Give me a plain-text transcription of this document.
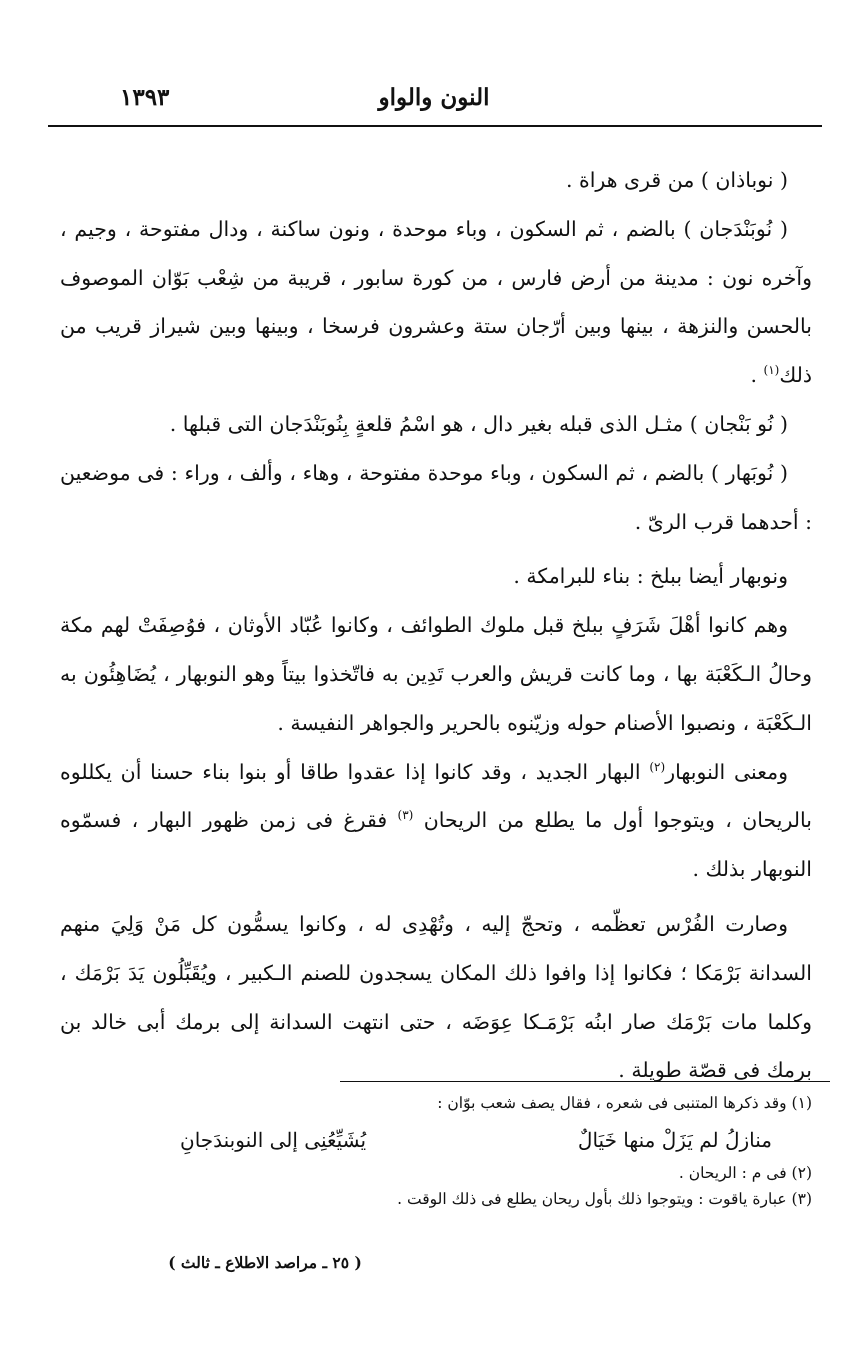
النون والواو
١٣٩٣

( نوباذان ) من قرى هراة .

( نُوبَنْدَجان ) بالضم ، ثم السكون ، وباء موحدة ، ونون ساكنة ، ودال مفتوحة ، وجيم ، وآخره نون : مدينة من أرض فارس ، من كورة سابور ، قريبة من شِعْب بَوّان الموصوف بالحسن والنزهة ، بينها وبين أرّجان ستة وعشرون فرسخا ، وبينها وبين شيراز قريب من ذلك$^{(١)}$ .

( نُو بَنْجان ) مثـل الذى قبله بغير دال ، هو اسْمُ قلعةٍ بِنُوبَنْدَجان التى قبلها .

( نُوبَهار ) بالضم ، ثم السكون ، وباء موحدة مفتوحة ، وهاء ، وألف ، وراء : فى موضعين : أحدهما قرب الرىّ .

ونوبهار أيضا ببلخ : بناء للبرامكة .

وهم كانوا أهْلَ شَرَفٍ ببلخ قبل ملوك الطوائف ، وكانوا عُبّاد الأوثان ، فوُصِفَتْ لهم مكة وحالُ الـكَعْبَة بها ، وما كانت قريش والعرب تَدِين به فاتّخذوا بيتاً وهو النوبهار ، يُضَاهِئُون به الـكَعْبَة ، ونصبوا الأصنام حوله وزيّنوه بالحرير والجواهر النفيسة .

ومعنى النوبهار$^{(٢)}$ البهار الجديد ، وقد كانوا إذا عقدوا طاقا أو بنوا بناء حسنا أن يكللوه بالريحان ، ويتوجوا أول ما يطلع من الريحان $^{(٣)}$ فقرغ فى زمن ظهور البهار ، فسمّوه النوبهار بذلك .

وصارت الفُرْس تعظّمه ، وتحجّ إليه ، وتُهْدِى له ، وكانوا يسمُّون كل مَنْ وَلِيَ منهم السدانة بَرْمَكا ؛ فكانوا إذا وافوا ذلك المكان يسجدون للصنم الـكبير ، ويُقَبِّلُون يَدَ بَرْمَك ، وكلما مات بَرْمَك صار ابنُه بَرْمَـكا عِوَضَه ، حتى انتهت السدانة إلى برمك أبى خالد بن برمك فى قصّة طويلة .

(١) وقد ذكرها المتنبى فى شعره ، فقال يصف شعب بوّان :

منازلُ لم يَزَلْ منها خَيَالٌ
يُشَيِّعُنِى إلى النوبندَجانِ

(٢) فى م : الريحان .

(٣) عبارة ياقوت : ويتوجوا ذلك بأول ريحان يطلع فى ذلك الوقت .

( ٢٥ ـ مراصد الاطلاع ـ ثالث )
